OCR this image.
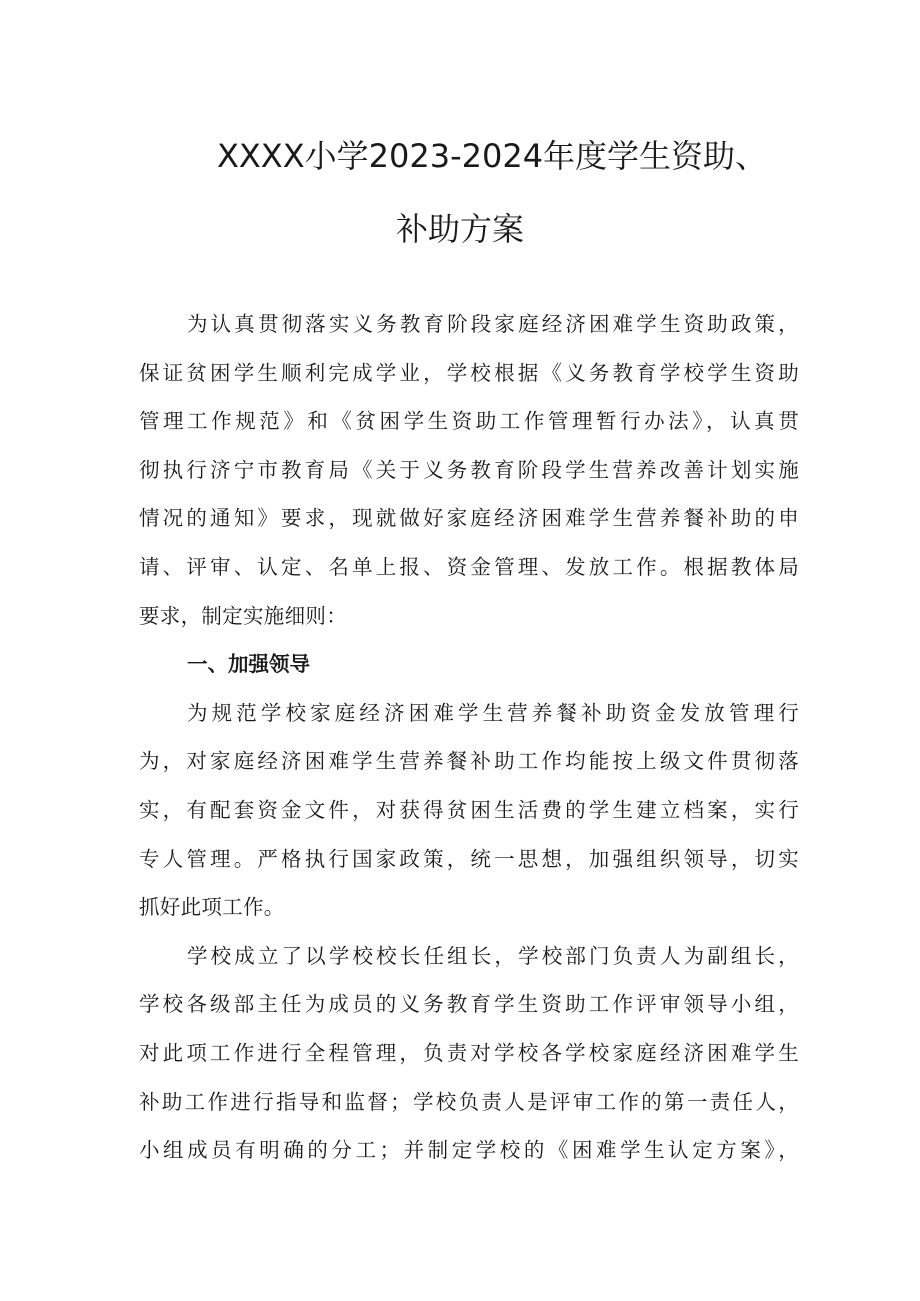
XXXX小学2023-2024年度学生资助、
补助方案
为认真贯彻落实义务教育阶段家庭经济困难学生资助政策，
保证贫困学生顺利完成学业，学校根据《义务教育学校学生资助
管理工作规范》和《贫困学生资助工作管理暂行办法》，认真贯
彻执行济宁市教育局《关于义务教育阶段学生营养改善计划实施
情况的通知》要求，现就做好家庭经济困难学生营养餐补助的申
请、评审、认定、名单上报、资金管理、发放工作。根据教体局
要求，制定实施细则：
一、加强领导
为规范学校家庭经济困难学生营养餐补助资金发放管理行
为，对家庭经济困难学生营养餐补助工作均能按上级文件贯彻落
实，有配套资金文件，对获得贫困生活费的学生建立档案，实行
专人管理。严格执行国家政策，统一思想，加强组织领导，切实
抓好此项工作。
学校成立了以学校校长任组长，学校部门负责人为副组长，
学校各级部主任为成员的义务教育学生资助工作评审领导小组，
对此项工作进行全程管理，负责对学校各学校家庭经济困难学生
补助工作进行指导和监督；学校负责人是评审工作的第一责任人，
小组成员有明确的分工；并制定学校的《困难学生认定方案》，
